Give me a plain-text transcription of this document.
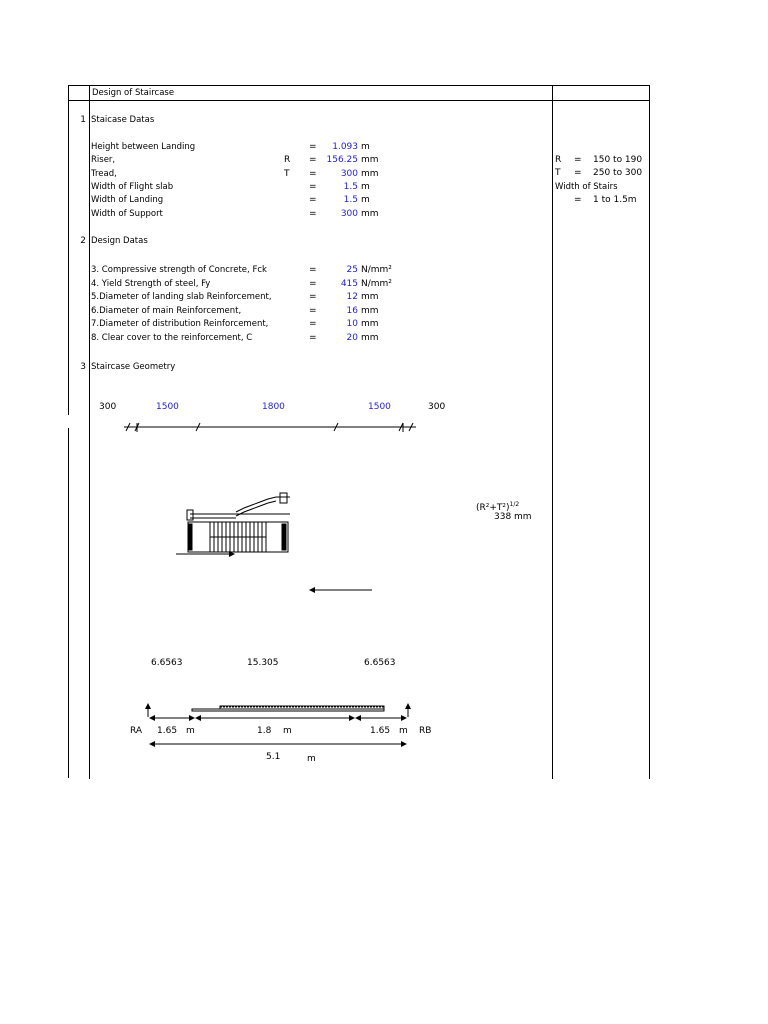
Design of Staircase
1 Staicase Datas
Height between Landing	=	1.093 m
Riser,	R =	156.25 mm
Tread,	T =	300 mm
Width of Flight slab	=	1.5 m
Width of Landing	=	1.5 m
Width of Support	=	300 mm
R = 150 to 190
T = 250 to 300
Width of Stairs
= 1 to 1.5m
2 Design Datas
3. Compressive strength of Concrete, Fck	=	25 N/mm²
4. Yield Strength of steel, Fy	=	415 N/mm²
5.Diameter of landing slab Reinforcement,	=	12 mm
6.Diameter of main Reinforcement,	=	16 mm
7.Diameter of distribution Reinforcement,	=	10 mm
8. Clear cover to the reinforcement, C	=	20 mm
3 Staircase Geometry
300	1500	1800	1500	300
$(R^2+T^2)^{1/2}$
338 mm
6.6563	15.305	6.6563
RA 1.65 m	1.8 m	1.65 m RB
5.1	m
